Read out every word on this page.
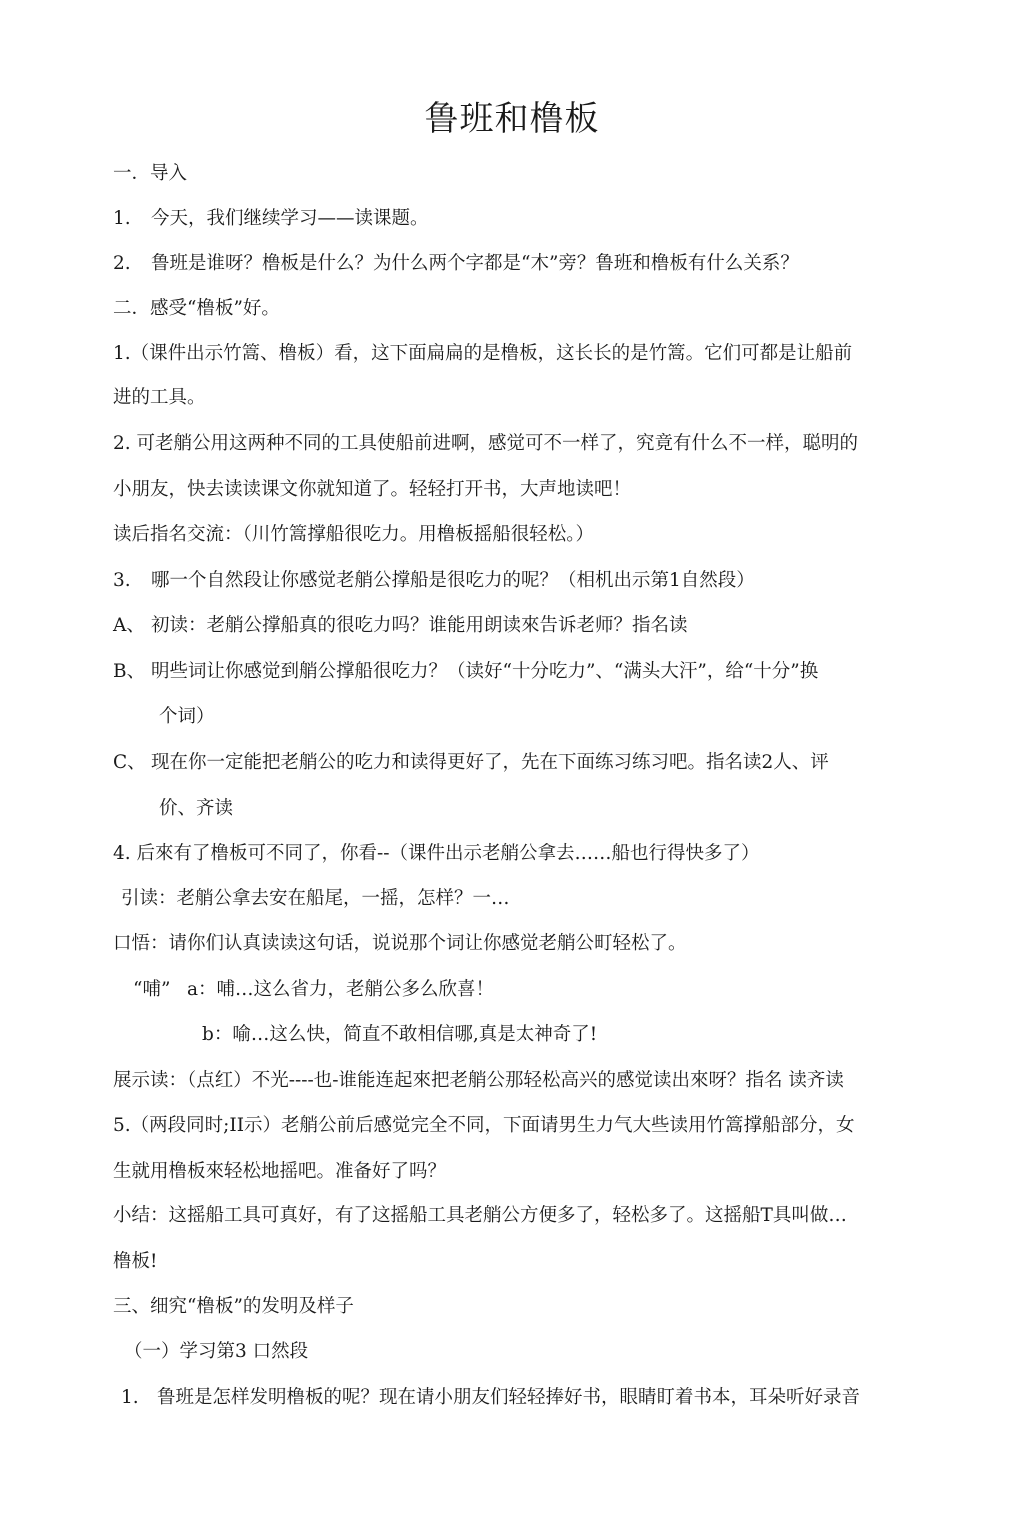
鲁班和橹板
一．导入
1. 今天，我们继续学习——读课题。
2. 鲁班是谁呀？橹板是什么？为什么两个字都是“木”旁？鲁班和橹板有什么关系？
二．感受“橹板”好。
1.（课件出示竹篙、橹板）看，这下面扁扁的是橹板，这长长的是竹篙。它们可都是让船前
进的工具。
2. 可老艄公用这两种不同的工具使船前进啊，感觉可不一样了，究竟有什么不一样，聪明的
小朋友，快去读读课文你就知道了。轻轻打开书，大声地读吧！
读后指名交流：（川竹篙撑船很吃力。用橹板摇船很轻松。）
3. 哪一个自然段让你感觉老艄公撑船是很吃力的呢？（相机出示第1自然段）
A、 初读：老艄公撑船真的很吃力吗？谁能用朗读來告诉老师？指名读
B、 明些词让你感觉到艄公撑船很吃力？（读好“十分吃力”、“满头大汗”，给“十分”换
个词）
C、 现在你一定能把老艄公的吃力和读得更好了，先在下面练习练习吧。指名读2人、评
价、齐读
4. 后來有了橹板可不同了，你看--（课件出示老艄公拿去……船也行得快多了）
引读：老艄公拿去安在船尾，一摇，怎样？一…
口悟：请你们认真读读这句话，说说那个词让你感觉老艄公町轻松了。
“哺” a：哺…这么省力，老艄公多么欣喜！
b：喻…这么快，简直不敢相信哪,真是太神奇了!
展示读：（点红）不光----也-谁能连起來把老艄公那轻松高兴的感觉读出來呀？指名 读齐读
5.（两段同时;II示）老艄公前后感觉完全不同，下面请男生力气大些读用竹篙撑船部分，女
生就用橹板來轻松地摇吧。准备好了吗？
小结：这摇船工具可真好，有了这摇船工具老艄公方便多了，轻松多了。这摇船T具叫做…
橹板!
三、细究“橹板”的发明及样子
（一）学习第3 口然段
1. 鲁班是怎样发明橹板的呢？现在请小朋友们轻轻捧好书，眼睛盯着书本，耳朵听好录音
